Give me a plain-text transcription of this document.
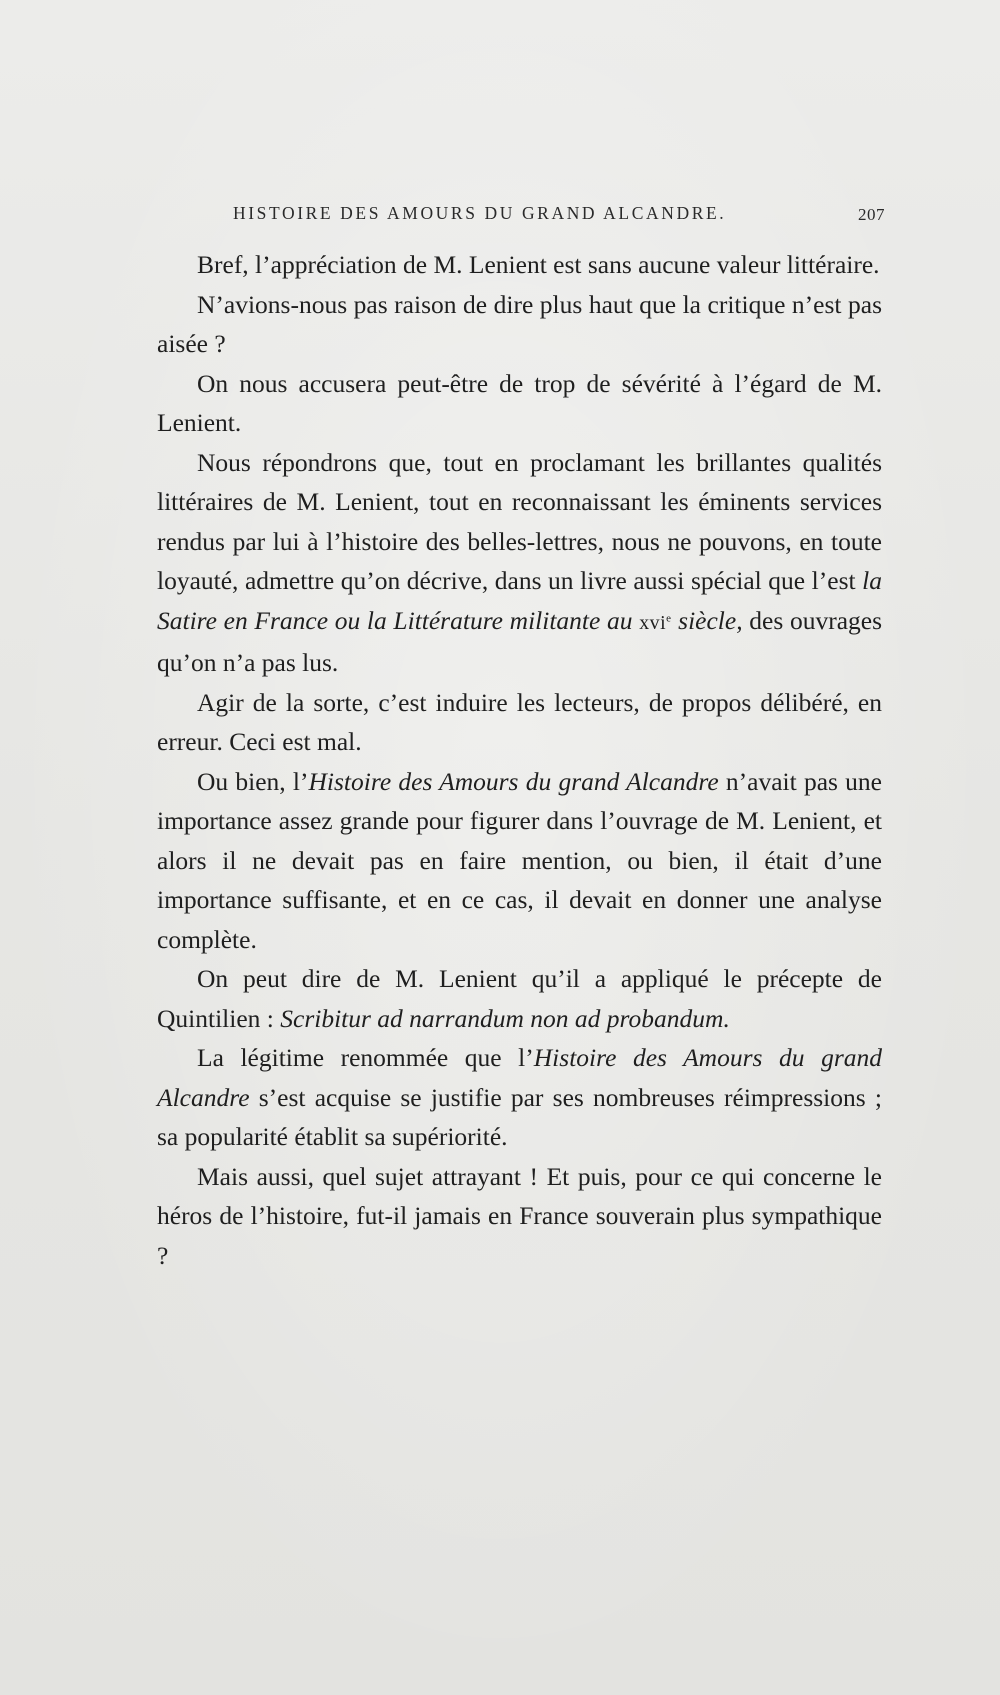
HISTOIRE DES AMOURS DU GRAND ALCANDRE.	207

Bref, l’appréciation de M. Lenient est sans aucune valeur littéraire.

N’avions-nous pas raison de dire plus haut que la critique n’est pas aisée ?

On nous accusera peut-être de trop de sévérité à l’égard de M. Lenient.

Nous répondrons que, tout en proclamant les brillantes qualités littéraires de M. Lenient, tout en reconnaissant les éminents services rendus par lui à l’histoire des belles-lettres, nous ne pouvons, en toute loyauté, admettre qu’on décrive, dans un livre aussi spécial que l’est la Satire en France ou la Littérature militante au xvi$^e$ siècle, des ouvrages qu’on n’a pas lus.

Agir de la sorte, c’est induire les lecteurs, de propos délibéré, en erreur. Ceci est mal.

Ou bien, l’Histoire des Amours du grand Alcandre n’avait pas une importance assez grande pour figurer dans l’ouvrage de M. Lenient, et alors il ne devait pas en faire mention, ou bien, il était d’une importance suffisante, et en ce cas, il devait en donner une analyse complète.

On peut dire de M. Lenient qu’il a appliqué le précepte de Quintilien : Scribitur ad narrandum non ad probandum.

La légitime renommée que l’Histoire des Amours du grand Alcandre s’est acquise se justifie par ses nombreuses réimpressions ; sa popularité établit sa supériorité.

Mais aussi, quel sujet attrayant ! Et puis, pour ce qui concerne le héros de l’histoire, fut-il jamais en France souverain plus sympathique ?
